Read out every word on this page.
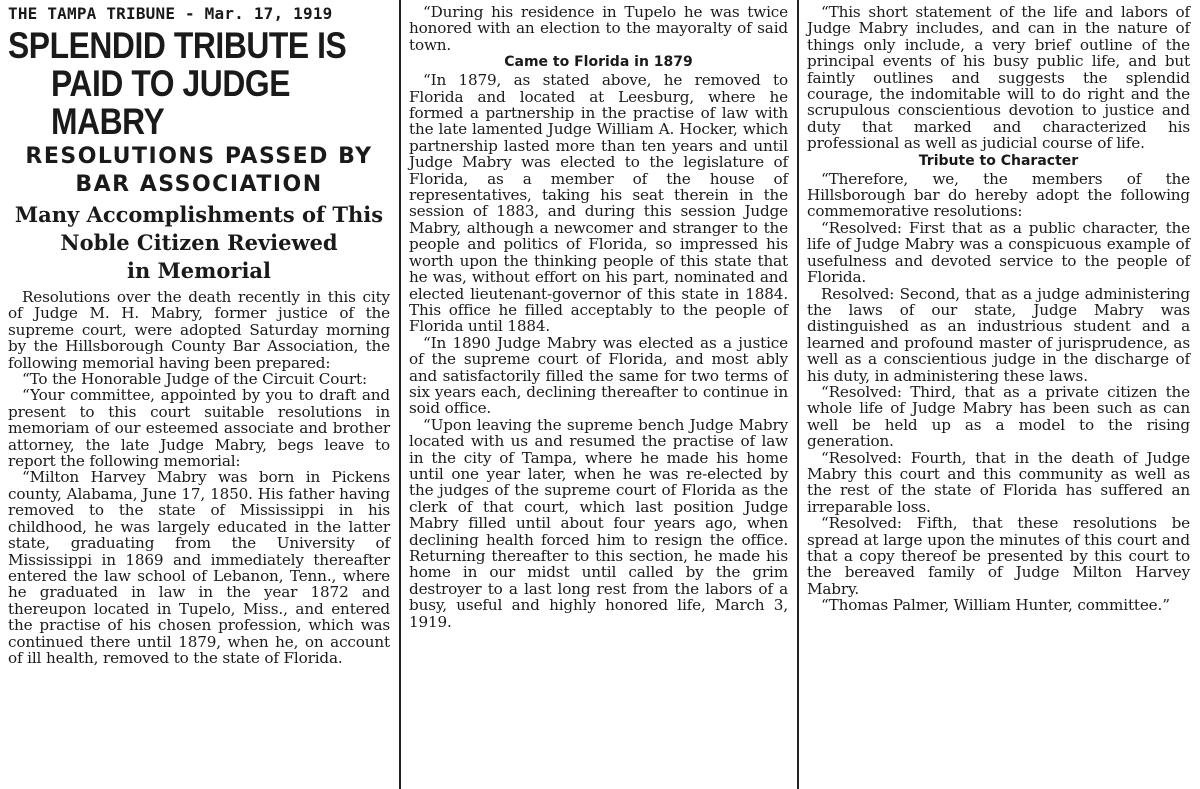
THE TAMPA TRIBUNE - Mar. 17, 1919
SPLENDID TRIBUTE IS
PAID TO JUDGE MABRY
RESOLUTIONS PASSED BY
BAR ASSOCIATION
Many Accomplishments of This
Noble Citizen Reviewed
in Memorial

Resolutions over the death recently in this city of Judge M. H. Mabry, former justice of the supreme court, were adopted Saturday morning by the Hillsborough County Bar Association, the following memorial having been prepared:

“To the Honorable Judge of the Circuit Court:

“Your committee, appointed by you to draft and present to this court suitable resolutions in memoriam of our esteemed associate and brother attorney, the late Judge Mabry, begs leave to report the following memorial:

“Milton Harvey Mabry was born in Pickens county, Alabama, June 17, 1850. His father having removed to the state of Mississippi in his childhood, he was largely educated in the latter state, graduating from the University of Mississippi in 1869 and immediately thereafter entered the law school of Lebanon, Tenn., where he graduated in law in the year 1872 and thereupon located in Tupelo, Miss., and entered the practise of his chosen profession, which was continued there until 1879, when he, on account of ill health, removed to the state of Florida.

“During his residence in Tupelo he was twice honored with an election to the mayoralty of said town.

Came to Florida in 1879

“In 1879, as stated above, he removed to Florida and located at Leesburg, where he formed a partnership in the practise of law with the late lamented Judge William A. Hocker, which partnership lasted more than ten years and until Judge Mabry was elected to the legislature of Florida, as a member of the house of representatives, taking his seat therein in the session of 1883, and during this session Judge Mabry, although a newcomer and stranger to the people and politics of Florida, so impressed his worth upon the thinking people of this state that he was, without effort on his part, nominated and elected lieutenant-governor of this state in 1884. This office he filled acceptably to the people of Florida until 1884.

“In 1890 Judge Mabry was elected as a justice of the supreme court of Florida, and most ably and satisfactorily filled the same for two terms of six years each, declining thereafter to continue in soid office.

“Upon leaving the supreme bench Judge Mabry located with us and resumed the practise of law in the city of Tampa, where he made his home until one year later, when he was re-elected by the judges of the supreme court of Florida as the clerk of that court, which last position Judge Mabry filled until about four years ago, when declining health forced him to resign the office. Returning thereafter to this section, he made his home in our midst until called by the grim destroyer to a last long rest from the labors of a busy, useful and highly honored life, March 3, 1919.

“This short statement of the life and labors of Judge Mabry includes, and can in the nature of things only include, a very brief outline of the principal events of his busy public life, and but faintly outlines and suggests the splendid courage, the indomitable will to do right and the scrupulous conscientious devotion to justice and duty that marked and characterized his professional as well as judicial course of life.

Tribute to Character

“Therefore, we, the members of the Hillsborough bar do hereby adopt the following commemorative resolutions:

“Resolved: First that as a public character, the life of Judge Mabry was a conspicuous example of usefulness and devoted service to the people of Florida.

Resolved: Second, that as a judge administering the laws of our state, Judge Mabry was distinguished as an industrious student and a learned and profound master of jurisprudence, as well as a conscientious judge in the discharge of his duty, in administering these laws.

“Resolved: Third, that as a private citizen the whole life of Judge Mabry has been such as can well be held up as a model to the rising generation.

“Resolved: Fourth, that in the death of Judge Mabry this court and this community as well as the rest of the state of Florida has suffered an irreparable loss.

“Resolved: Fifth, that these resolutions be spread at large upon the minutes of this court and that a copy thereof be presented by this court to the bereaved family of Judge Milton Harvey Mabry.

“Thomas Palmer, William Hunter, committee.”
